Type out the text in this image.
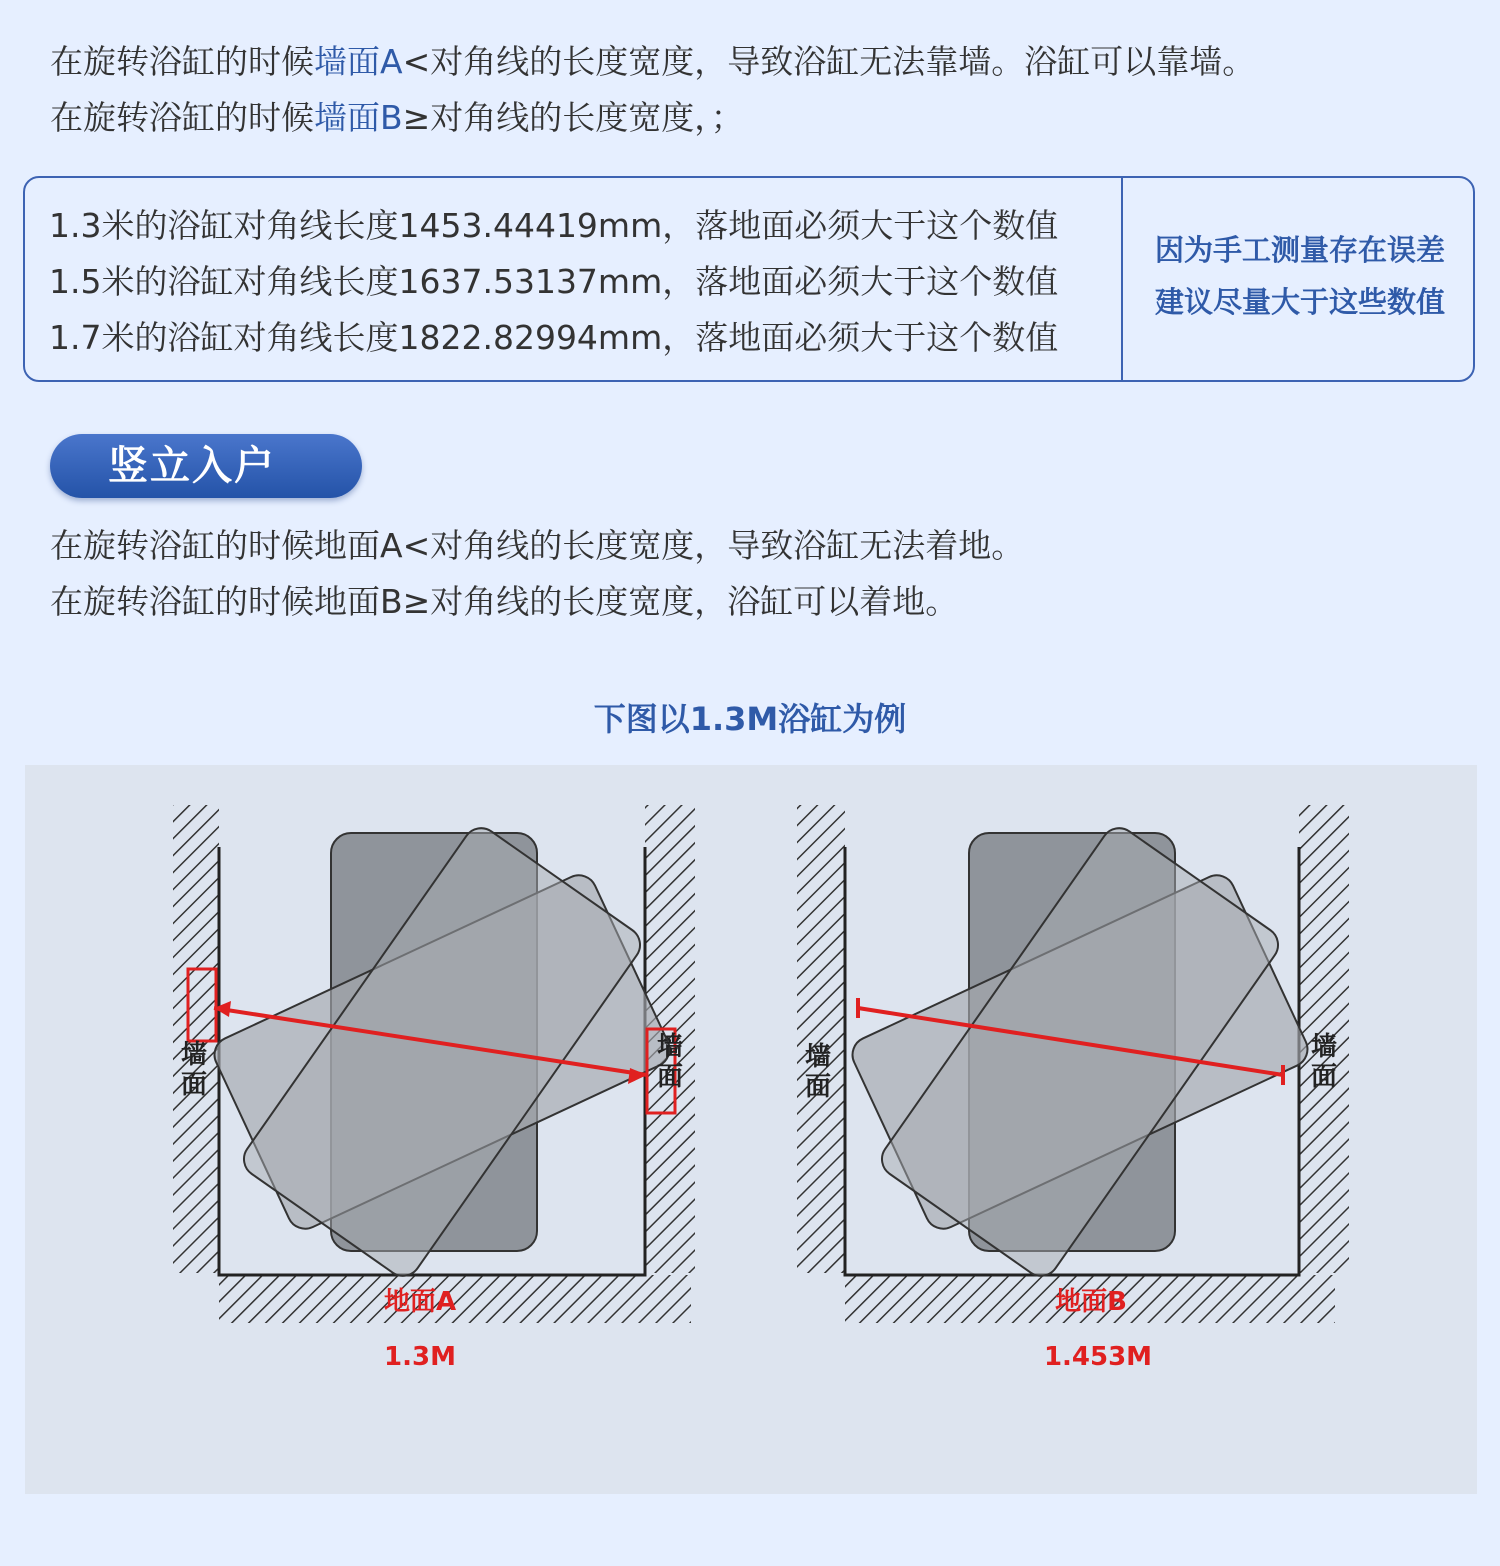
在旋转浴缸的时候墙面A<对角线的长度宽度，导致浴缸无法靠墙。浴缸可以靠墙。
在旋转浴缸的时候墙面B≥对角线的长度宽度，；
1.3米的浴缸对角线长度1453.44419mm，落地面必须大于这个数值
1.5米的浴缸对角线长度1637.53137mm，落地面必须大于这个数值
1.7米的浴缸对角线长度1822.82994mm，落地面必须大于这个数值
因为手工测量存在误差
建议尽量大于这些数值
竖立入户
在旋转浴缸的时候地面A<对角线的长度宽度，导致浴缸无法着地。
在旋转浴缸的时候地面B≥对角线的长度宽度，浴缸可以着地。
下图以1.3M浴缸为例
墙
面
墙
面
地面A
1.3M
墙
面
墙
面
地面B
1.453M
